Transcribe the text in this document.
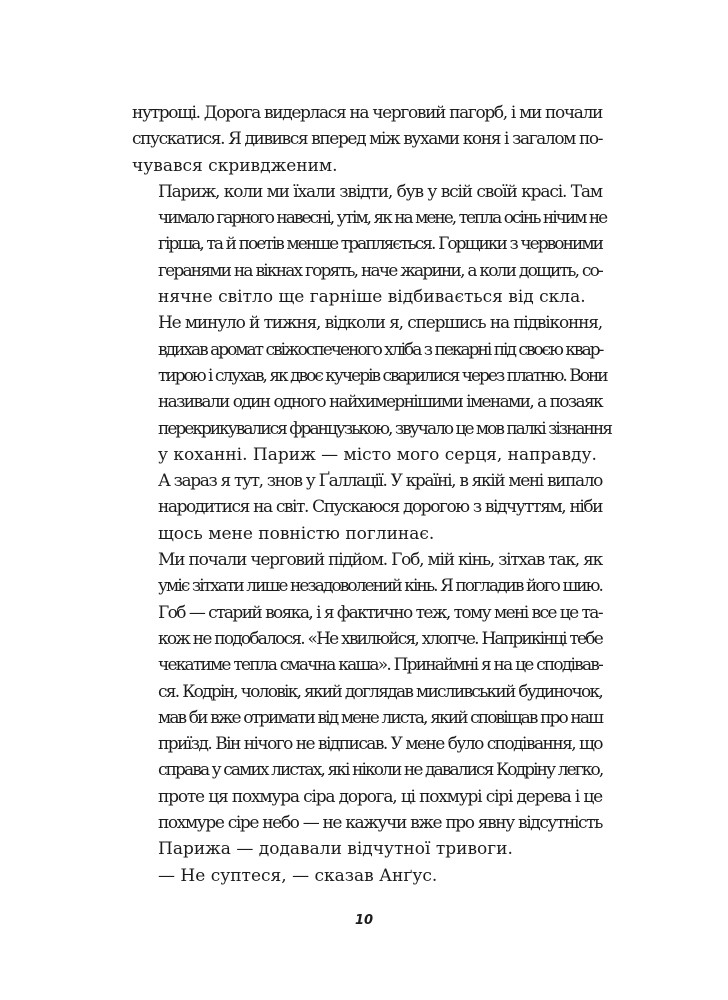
нутрощі. Дорога видерлася на черговий пагорб, і ми почали
спускатися. Я дивився вперед між вухами коня і загалом по-
чувався скривдженим.
Париж, коли ми їхали звідти, був у всій своїй красі. Там
чимало гарного навесні, утім, як на мене, тепла осінь нічим не
гірша, та й поетів менше трапляється. Горщики з червоними
геранями на вікнах горять, наче жарини, а коли дощить, со-
нячне світло ще гарніше відбивається від скла.
Не минуло й тижня, відколи я, спершись на підвіконня,
вдихав аромат свіжоспеченого хліба з пекарні під своєю квар-
тирою і слухав, як двоє кучерів сварилися через платню. Вони
називали один одного найхимернішими іменами, а позаяк
перекрикувалися французькою, звучало це мов палкі зізнання
у коханні. Париж — місто мого серця, направду.
А зараз я тут, знов у Ґаллації. У країні, в якій мені випало
народитися на світ. Спускаюся дорогою з відчуттям, ніби
щось мене повністю поглинає.
Ми почали черговий підйом. Гоб, мій кінь, зітхав так, як
уміє зітхати лише незадоволений кінь. Я погладив його шию.
Гоб — старий вояка, і я фактично теж, тому мені все це та-
кож не подобалося. «Не хвилюйся, хлопче. Наприкінці тебе
чекатиме тепла смачна каша». Принаймні я на це сподівав-
ся. Кодрін, чоловік, який доглядав мисливський будиночок,
мав би вже отримати від мене листа, який сповіщав про наш
приїзд. Він нічого не відписав. У мене було сподівання, що
справа у самих листах, які ніколи не давалися Кодріну легко,
проте ця похмура сіра дорога, ці похмурі сірі дерева і це
похмуре сіре небо — не кажучи вже про явну відсутність
Парижа — додавали відчутної тривоги.
— Не суптеся, — сказав Анґус.
10
